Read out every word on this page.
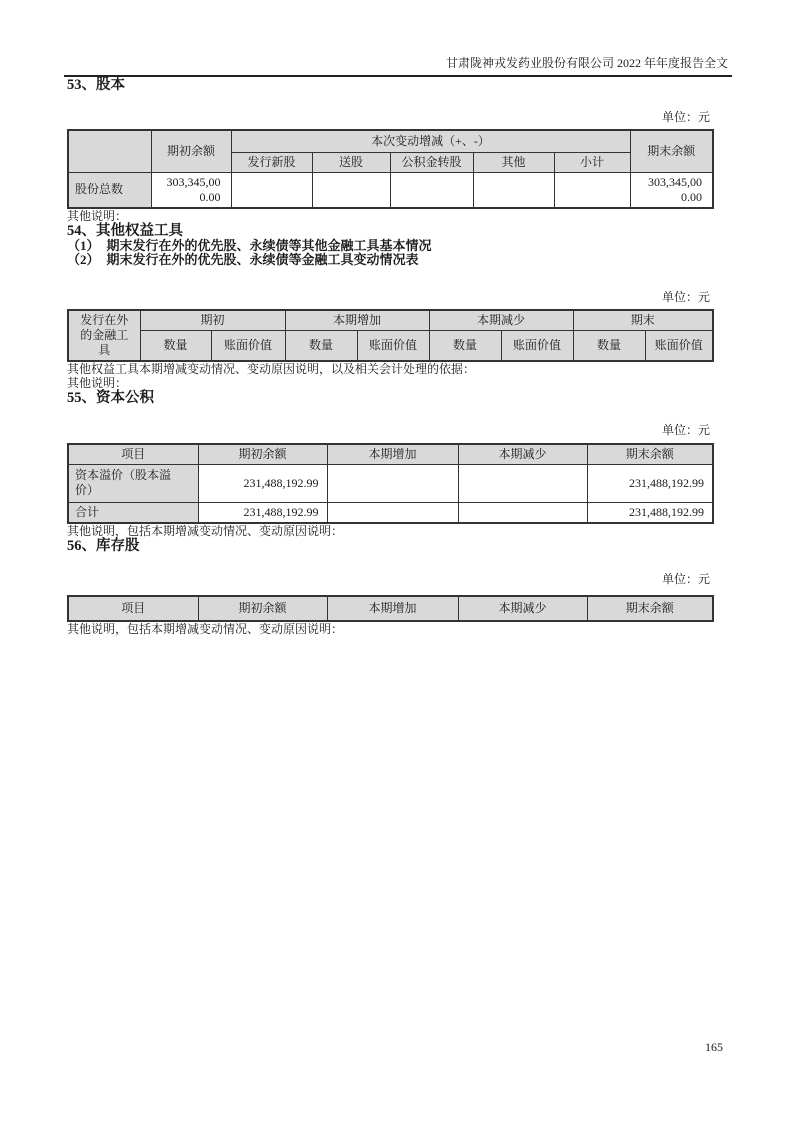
甘肃陇神戎发药业股份有限公司 2022 年年度报告全文
53、股本
单位：元
	期初余额	本次变动增减（+、-）					期末余额
		发行新股	送股	公积金转股	其他	小计	
股份总数	303,345,000.00						303,345,000.00

其他说明：

54、其他权益工具
（1） 期末发行在外的优先股、永续债等其他金融工具基本情况
（2） 期末发行在外的优先股、永续债等金融工具变动情况表
单位：元
发行在外的金融工具	期初		本期增加		本期减少		期末	
	数量	账面价值	数量	账面价值	数量	账面价值	数量	账面价值

其他权益工具本期增减变动情况、变动原因说明，以及相关会计处理的依据：

其他说明：

55、资本公积
单位：元
项目	期初余额	本期增加	本期减少	期末余额
资本溢价（股本溢价）	231,488,192.99			231,488,192.99
合计	231,488,192.99			231,488,192.99

其他说明，包括本期增减变动情况、变动原因说明：

56、库存股
单位：元
项目	期初余额	本期增加	本期减少	期末余额

其他说明，包括本期增减变动情况、变动原因说明：

165
